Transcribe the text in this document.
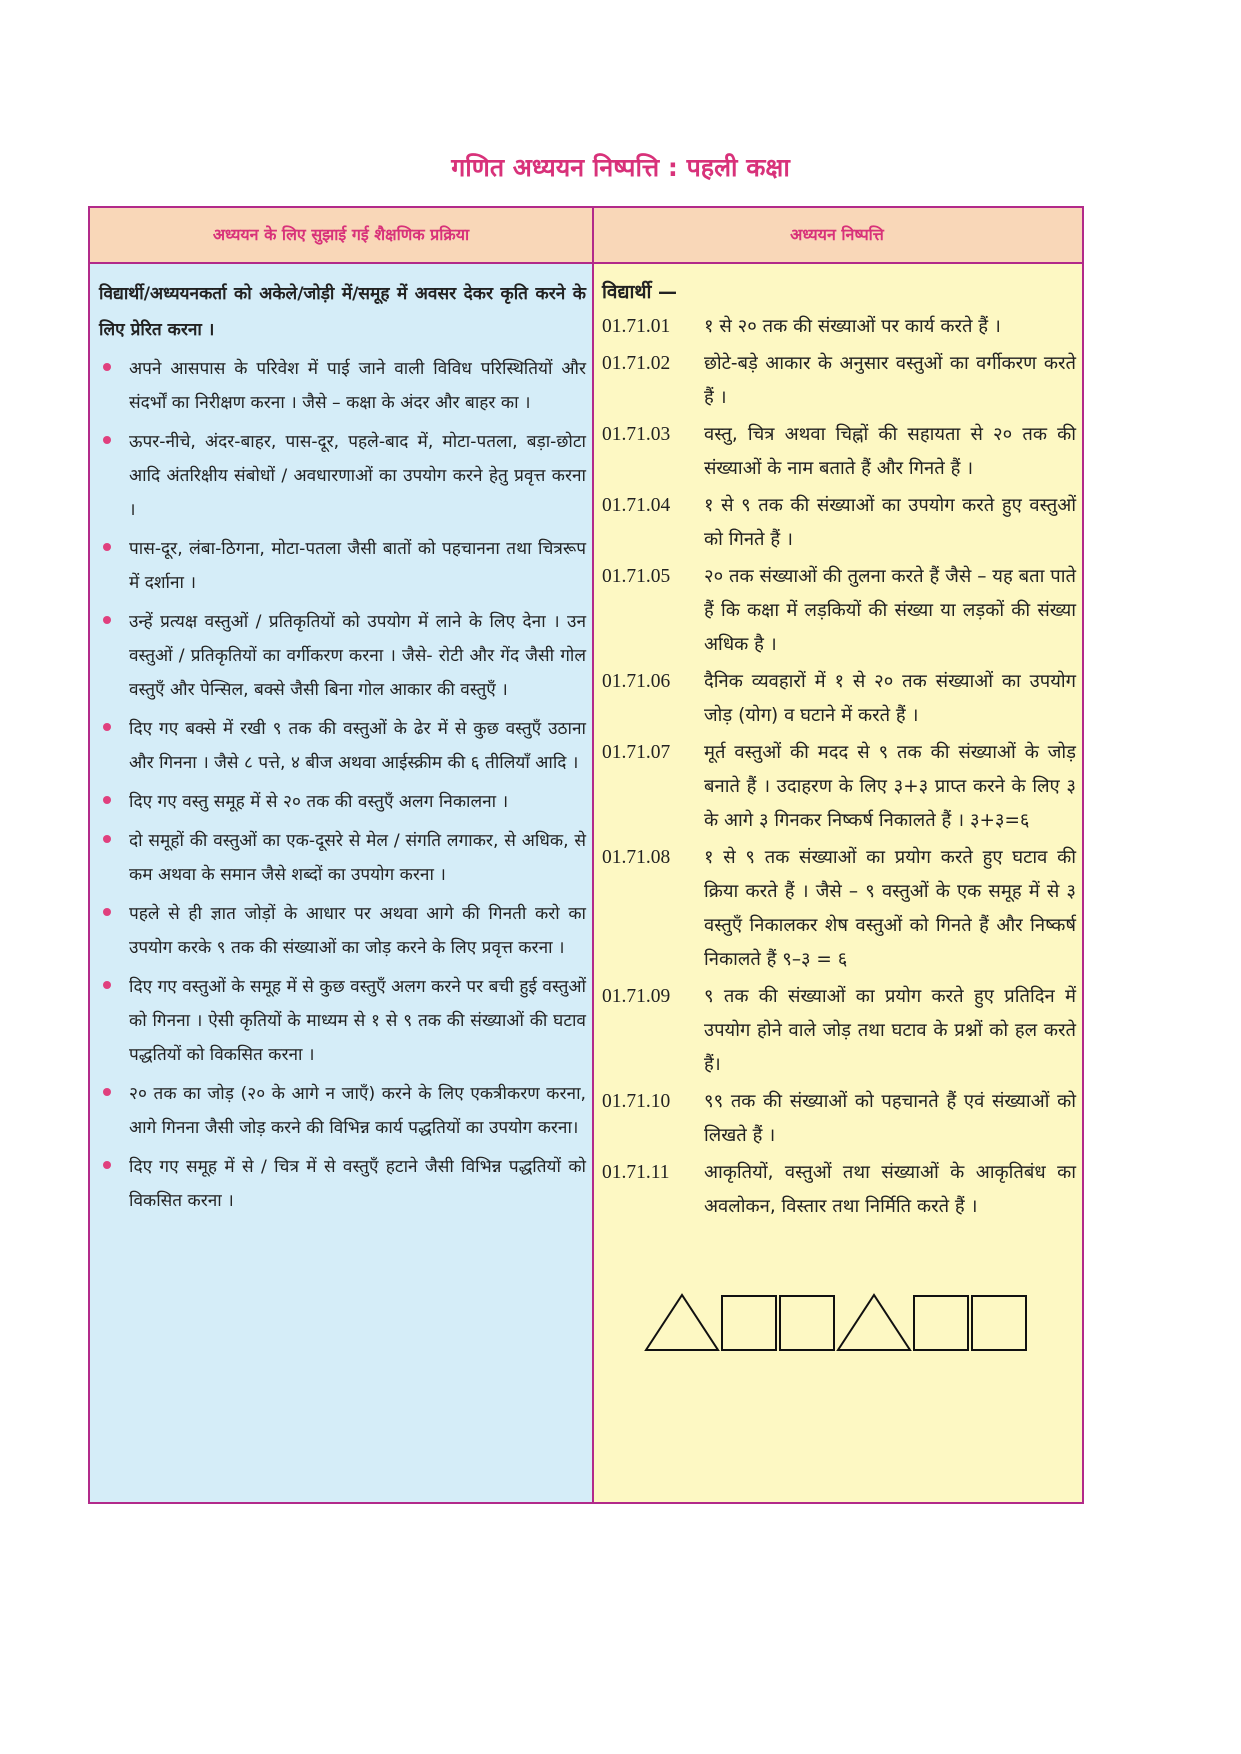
गणित अध्ययन निष्पत्ति : पहली कक्षा
अध्ययन के लिए सुझाई गई शैक्षणिक प्रक्रिया	अध्ययन निष्पत्ति
विद्यार्थी/अध्ययनकर्ता को अकेले/जोड़ी में/समूह में अवसर देकर कृति करने के लिए प्रेरित करना ।
अपने आसपास के परिवेश में पाई जाने वाली विविध परिस्थितियों और संदर्भों का निरीक्षण करना । जैसे – कक्षा के अंदर और बाहर का ।
ऊपर-नीचे, अंदर-बाहर, पास-दूर, पहले-बाद में, मोटा-पतला, बड़ा-छोटा आदि अंतरिक्षीय संबोधों / अवधारणाओं का उपयोग करने हेतु प्रवृत्त करना ।
पास-दूर, लंबा-ठिगना, मोटा-पतला जैसी बातों को पहचानना तथा चित्ररूप में दर्शाना ।
उन्हें प्रत्यक्ष वस्तुओं / प्रतिकृतियों को उपयोग में लाने के लिए देना । उन वस्तुओं / प्रतिकृतियों का वर्गीकरण करना । जैसे- रोटी और गेंद जैसी गोल वस्तुएँ और पेन्सिल, बक्से जैसी बिना गोल आकार की वस्तुएँ ।
दिए गए बक्से में रखी ९ तक की वस्तुओं के ढेर में से कुछ वस्तुएँ उठाना और गिनना । जैसे ८ पत्ते, ४ बीज अथवा आईस्क्रीम की ६ तीलियाँ आदि ।
दिए गए वस्तु समूह में से २० तक की वस्तुएँ अलग निकालना ।
दो समूहों की वस्तुओं का एक-दूसरे से मेल / संगति लगाकर, से अधिक, से कम अथवा के समान जैसे शब्दों का उपयोग करना ।
पहले से ही ज्ञात जोड़ों के आधार पर अथवा आगे की गिनती करो का उपयोग करके ९ तक की संख्याओं का जोड़ करने के लिए प्रवृत्त करना ।
दिए गए वस्तुओं के समूह में से कुछ वस्तुएँ अलग करने पर बची हुई वस्तुओं को गिनना । ऐसी कृतियों के माध्यम से १ से ९ तक की संख्याओं की घटाव पद्धतियों को विकसित करना ।
२० तक का जोड़ (२० के आगे न जाएँ) करने के लिए एकत्रीकरण करना, आगे गिनना जैसी जोड़ करने की विभिन्न कार्य पद्धतियों का उपयोग करना।
दिए गए समूह में से / चित्र में से वस्तुएँ हटाने जैसी विभिन्न पद्धतियों को विकसित करना ।
विद्यार्थी —
01.71.01 १ से २० तक की संख्याओं पर कार्य करते हैं ।
01.71.02 छोटे-बड़े आकार के अनुसार वस्तुओं का वर्गीकरण करते हैं ।
01.71.03 वस्तु, चित्र अथवा चिह्नों की सहायता से २० तक की संख्याओं के नाम बताते हैं और गिनते हैं ।
01.71.04 १ से ९ तक की संख्याओं का उपयोग करते हुए वस्तुओं को गिनते हैं ।
01.71.05 २० तक संख्याओं की तुलना करते हैं जैसे – यह बता पाते हैं कि कक्षा में लड़कियों की संख्या या लड़कों की संख्या अधिक है ।
01.71.06 दैनिक व्यवहारों में १ से २० तक संख्याओं का उपयोग जोड़ (योग) व घटाने में करते हैं ।
01.71.07 मूर्त वस्तुओं की मदद से ९ तक की संख्याओं के जोड़ बनाते हैं । उदाहरण के लिए ३+३ प्राप्त करने के लिए ३ के आगे ३ गिनकर निष्कर्ष निकालते हैं । ३+३=६
01.71.08 १ से ९ तक संख्याओं का प्रयोग करते हुए घटाव की क्रिया करते हैं । जैसे – ९ वस्तुओं के एक समूह में से ३ वस्तुएँ निकालकर शेष वस्तुओं को गिनते हैं और निष्कर्ष निकालते हैं ९–३ = ६
01.71.09 ९ तक की संख्याओं का प्रयोग करते हुए प्रतिदिन में उपयोग होने वाले जोड़ तथा घटाव के प्रश्नों को हल करते हैं।
01.71.10 ९९ तक की संख्याओं को पहचानते हैं एवं संख्याओं को लिखते हैं ।
01.71.11 आकृतियों, वस्तुओं तथा संख्याओं के आकृतिबंध का अवलोकन, विस्तार तथा निर्मिति करते हैं ।
